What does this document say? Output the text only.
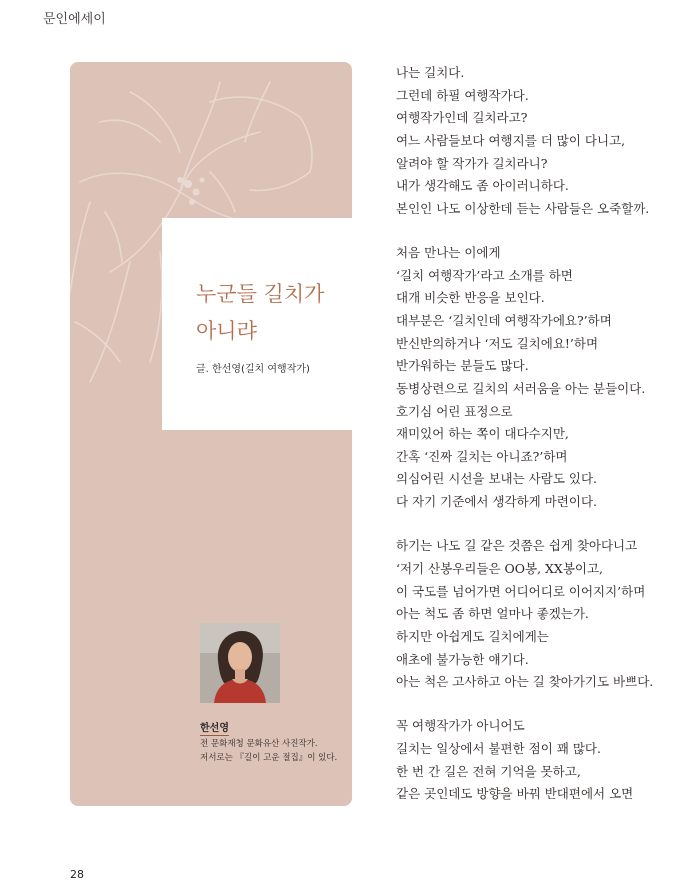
문인에세이
누군들 길치가
아니랴
글. 한선영(길치 여행작가)
한선영
전 문화재청 문화유산 사진작가.
저서로는 『길이 고운 절집』이 있다.

나는 길치다.
그런데 하필 여행작가다.
여행작가인데 길치라고?
여느 사람들보다 여행지를 더 많이 다니고,
알려야 할 작가가 길치라니?
내가 생각해도 좀 아이러니하다.
본인인 나도 이상한데 듣는 사람들은 오죽할까.

처음 만나는 이에게
‘길치 여행작가’라고 소개를 하면
대개 비슷한 반응을 보인다.
대부분은 ‘길치인데 여행작가에요?’하며
반신반의하거나 ‘저도 길치에요!’하며
반가워하는 분들도 많다.
동병상련으로 길치의 서러움을 아는 분들이다.
호기심 어린 표정으로
재미있어 하는 쪽이 대다수지만,
간혹 ‘진짜 길치는 아니죠?’하며
의심어린 시선을 보내는 사람도 있다.
다 자기 기준에서 생각하게 마련이다.

하기는 나도 길 같은 것쯤은 쉽게 찾아다니고
‘저기 산봉우리들은 OO봉, XX봉이고,
이 국도를 넘어가면 어디어디로 이어지지’하며
아는 척도 좀 하면 얼마나 좋겠는가.
하지만 아쉽게도 길치에게는
애초에 불가능한 얘기다.
아는 척은 고사하고 아는 길 찾아가기도 바쁘다.

꼭 여행작가가 아니어도
길치는 일상에서 불편한 점이 꽤 많다.
한 번 간 길은 전혀 기억을 못하고,
같은 곳인데도 방향을 바꿔 반대편에서 오면

28
